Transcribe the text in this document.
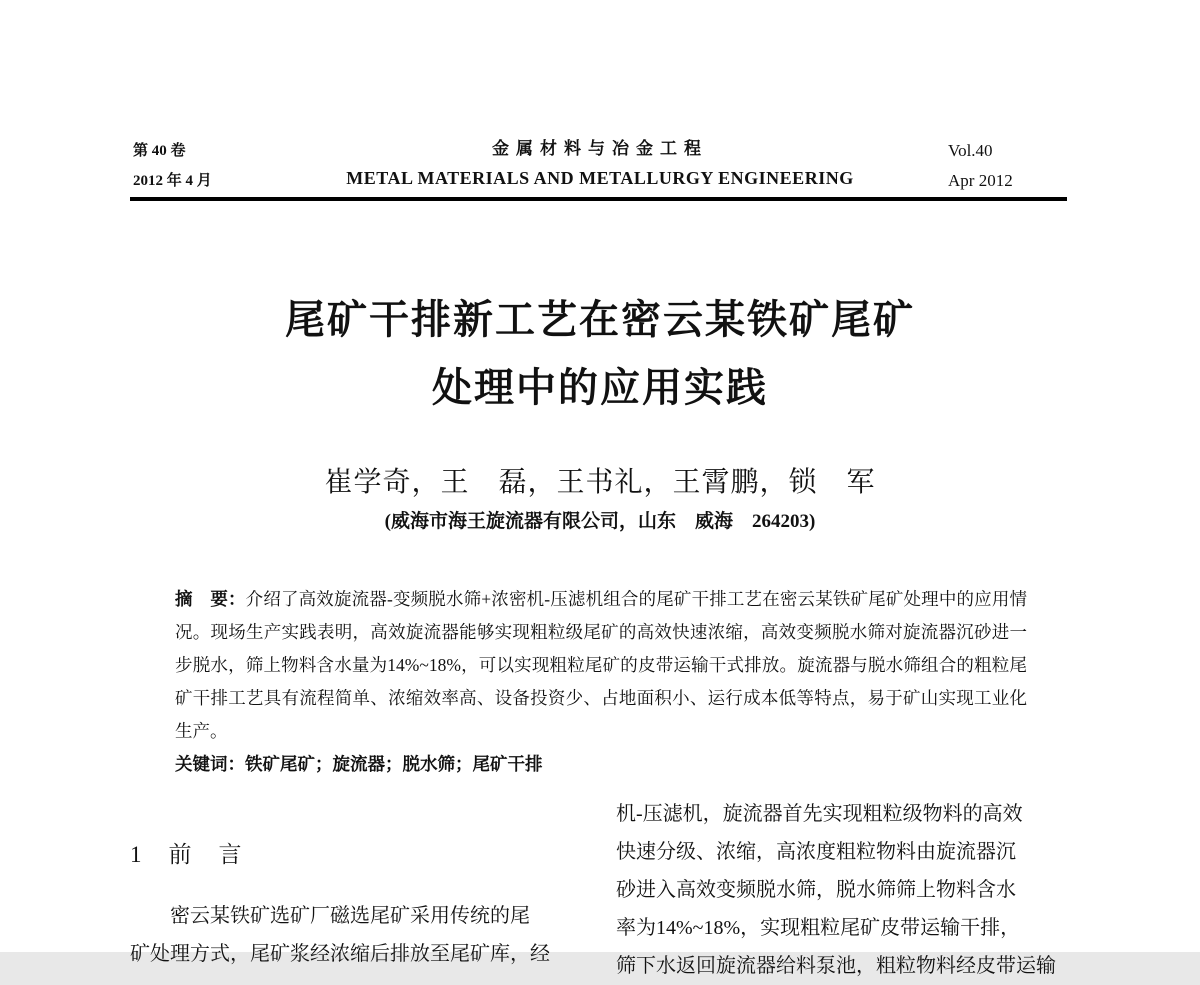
第 40 卷
2012 年 4 月
金属材料与冶金工程
METAL MATERIALS AND METALLURGY ENGINEERING
Vol.40
Apr 2012
尾矿干排新工艺在密云某铁矿尾矿
处理中的应用实践
崔学奇，王　磊，王书礼，王霄鹏，锁　军
(威海市海王旋流器有限公司，山东　威海　264203)

摘　要：介绍了高效旋流器-变频脱水筛+浓密机-压滤机组合的尾矿干排工艺在密云某铁矿尾矿处理中的应用情况。现场生产实践表明，高效旋流器能够实现粗粒级尾矿的高效快速浓缩，高效变频脱水筛对旋流器沉砂进一步脱水，筛上物料含水量为14%~18%，可以实现粗粒尾矿的皮带运输干式排放。旋流器与脱水筛组合的粗粒尾矿干排工艺具有流程简单、浓缩效率高、设备投资少、占地面积小、运行成本低等特点，易于矿山实现工业化生产。

关键词：铁矿尾矿；旋流器；脱水筛；尾矿干排

1　前　言
密云某铁矿选矿厂磁选尾矿采用传统的尾
矿处理方式，尾矿浆经浓缩后排放至尾矿库，经
机-压滤机，旋流器首先实现粗粒级物料的高效
快速分级、浓缩，高浓度粗粒物料由旋流器沉
砂进入高效变频脱水筛，脱水筛筛上物料含水
率为14%~18%，实现粗粒尾矿皮带运输干排，
筛下水返回旋流器给料泵池，粗粒物料经皮带运输
